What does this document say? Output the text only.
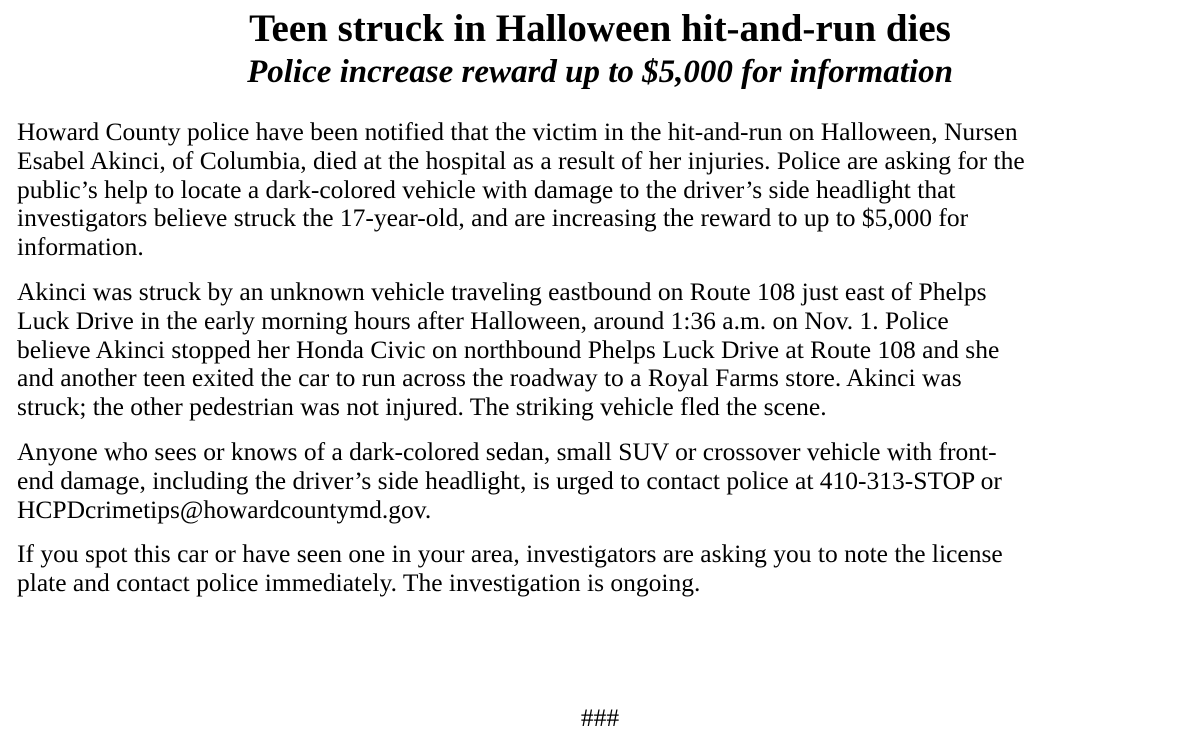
Teen struck in Halloween hit-and-run dies
Police increase reward up to $5,000 for information

Howard County police have been notified that the victim in the hit-and-run on Halloween, Nursen
Esabel Akinci, of Columbia, died at the hospital as a result of her injuries. Police are asking for the
public’s help to locate a dark-colored vehicle with damage to the driver’s side headlight that
investigators believe struck the 17-year-old, and are increasing the reward to up to $5,000 for
information.

Akinci was struck by an unknown vehicle traveling eastbound on Route 108 just east of Phelps
Luck Drive in the early morning hours after Halloween, around 1:36 a.m. on Nov. 1. Police
believe Akinci stopped her Honda Civic on northbound Phelps Luck Drive at Route 108 and she
and another teen exited the car to run across the roadway to a Royal Farms store. Akinci was
struck; the other pedestrian was not injured. The striking vehicle fled the scene.

Anyone who sees or knows of a dark-colored sedan, small SUV or crossover vehicle with front-
end damage, including the driver’s side headlight, is urged to contact police at 410-313-STOP or
HCPDcrimetips@howardcountymd.gov.

If you spot this car or have seen one in your area, investigators are asking you to note the license
plate and contact police immediately. The investigation is ongoing.

###
